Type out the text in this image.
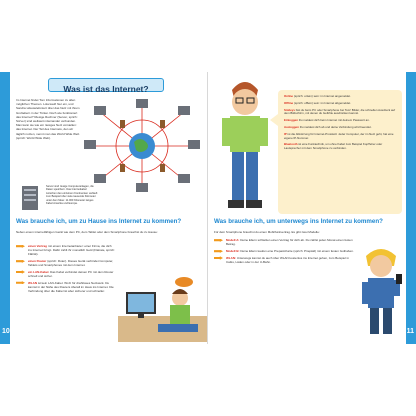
10	11
Was ist das Internet?

Im Internet findet Tom Informationen zu allen möglichen Themen. Lola kauft hier ein, und Sandra videotelefoniert über das Netz mit ihrem Großeltern in der Türkei. Doch wie funktioniert das Internet? Riesige Rechner (Server, sprich: Sörver) sind weltweit miteinander verbunden. Man kann sie wie ein riesiges Netz vorstellen: das Internet. Der Teil des Internets, den wir täglich nutzen, nennt man das World Wide Web (sprich: World Wide Web).

Server sind riesige Computeranlagen, die Daten speichern. Das Internetkabel zwischen den einzelnen Kontinenten verläuft zum Beispiel über viele tausende Kilometer unter dem Meer. 11.000 Kilometer langes Kabel Amerika und Europa.

Was brauche ich, um zu Hause ins Internet zu kommen?

Neben einem internetfähigen Gerät wie dem PC, dem Tablet oder dem Smartphone brauchst du zu Hause:

einen Vertrag mit einem Internetanbieter: einer Firma, die dich ins Internet bringt. Dafür zahlt ihr monatlich Geld (Flatrate, sprich: Fläträt).
einen Router (sprich: Ruter). Dieses Gerät verbindet Computer, Tablets und Smartphones mit dem Internet.
ein LAN-Kabel. Das Kabel verbindet deinen PC mit dem Router schnell und sicher.
WLAN ist kein LAN-Kabel. Wi-Fi für drahtloses Netzwerk. Du kannst in der Nähe des Routers überall im Haus ins Internet. Die Verbindung über die Kabel ist aber sicherer und schneller.
Online (sprich: onlein) sein: im Internet angemeldet.
Offline (sprich: offlein) sein: im Internet abgemeldet.
Smileys bist du beim PC oder Smartphone bei Tom! Bilder, die schnellen Ausdruck auf dem Bildschirm, mit denen du Gefühle ausdrücken kannst.
Einloggen Du meldest dich beim Internet mit deinem Passwort an.
Ausloggen Du meldest dich ab und deine Verbindung wird beendet.
IP ist die Abkürzung für Internet-Protokoll. Jeder Computer, der im Netz geht, hat eine eigene IP-Nummer.
Bluetooth ist eine Funktechnik, um ohne Kabel zum Beispiel Kopfhörer oder Lautsprecher mit dem Smartphone zu verbinden.
Was brauche ich, um unterwegs ins Internet zu kommen?

Für dein Smartphone brauchst du einen Mobilfunkvertrag. Es gibt zwei Modelle:

Modell A: Deine Eltern schließen einen Vertrag für dich ab. Du zahlst jeden Monat einen festen Betrag.
Modell B: Deine Eltern kaufen eine Prepaid-Karte (sprich: Priepäid) mit einem festen Guthaben.
WLAN: Unterwegs kannst du auch über WLAN kostenlos ins Internet gehen, zum Beispiel in Cafés, Läden oder in der U-Bahn.
